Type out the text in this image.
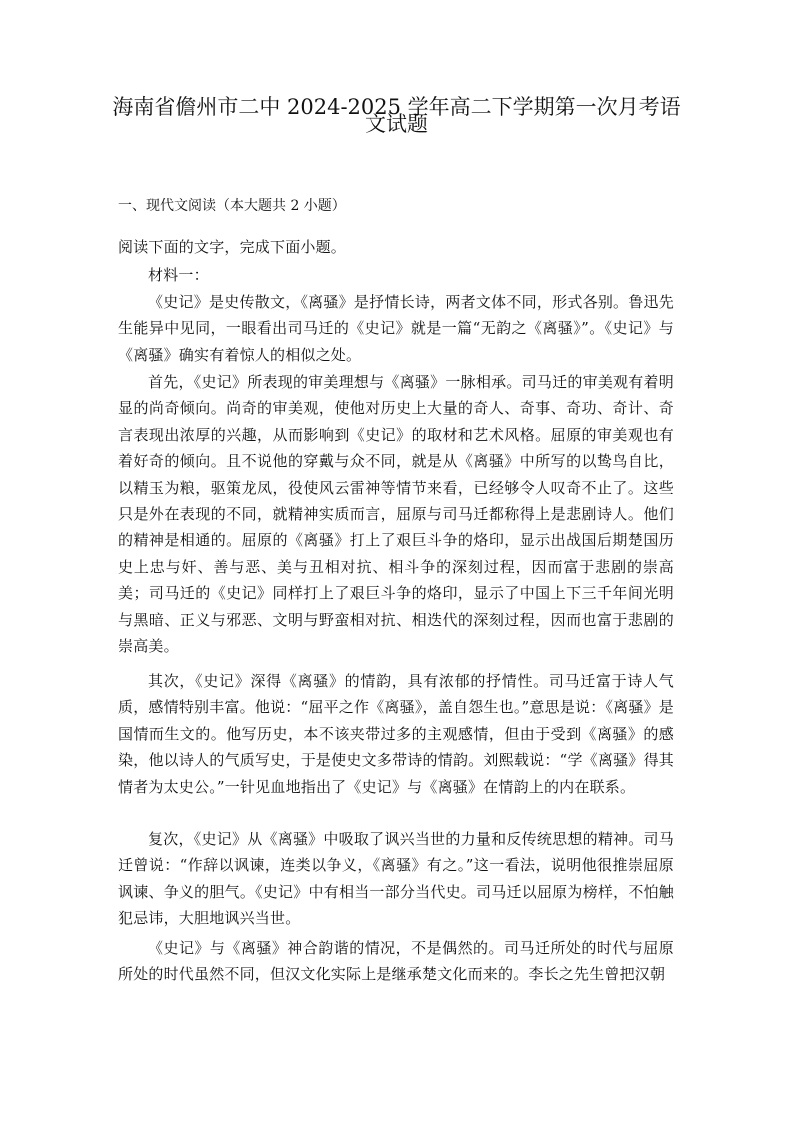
海南省儋州市二中 2024-2025 学年高二下学期第一次月考语
文试题
一、现代文阅读（本大题共 2 小题）
阅读下面的文字，完成下面小题。
材料一：
《史记》是史传散文，《离骚》是抒情长诗，两者文体不同，形式各别。鲁迅先生能异中见同，一眼看出司马迁的《史记》就是一篇“无韵之《离骚》”。《史记》与《离骚》确实有着惊人的相似之处。
首先，《史记》所表现的审美理想与《离骚》一脉相承。司马迁的审美观有着明显的尚奇倾向。尚奇的审美观，使他对历史上大量的奇人、奇事、奇功、奇计、奇言表现出浓厚的兴趣，从而影响到《史记》的取材和艺术风格。屈原的审美观也有着好奇的倾向。且不说他的穿戴与众不同，就是从《离骚》中所写的以鸷鸟自比，以精玉为粮，驱策龙凤，役使风云雷神等情节来看，已经够令人叹奇不止了。这些只是外在表现的不同，就精神实质而言，屈原与司马迁都称得上是悲剧诗人。他们的精神是相通的。屈原的《离骚》打上了艰巨斗争的烙印，显示出战国后期楚国历史上忠与奸、善与恶、美与丑相对抗、相斗争的深刻过程，因而富于悲剧的崇高美；司马迁的《史记》同样打上了艰巨斗争的烙印，显示了中国上下三千年间光明与黑暗、正义与邪恶、文明与野蛮相对抗、相迭代的深刻过程，因而也富于悲剧的崇高美。
其次，《史记》深得《离骚》的情韵，具有浓郁的抒情性。司马迁富于诗人气质，感情特别丰富。他说：“屈平之作《离骚》，盖自怨生也。”意思是说：《离骚》是国情而生文的。他写历史，本不该夹带过多的主观感情，但由于受到《离骚》的感染，他以诗人的气质写史，于是使史文多带诗的情韵。刘熙载说：“学《离骚》得其情者为太史公。”一针见血地指出了《史记》与《离骚》在情韵上的内在联系。
复次，《史记》从《离骚》中吸取了讽兴当世的力量和反传统思想的精神。司马迁曾说：“作辞以讽谏，连类以争义，《离骚》有之。”这一看法，说明他很推崇屈原讽谏、争义的胆气。《史记》中有相当一部分当代史。司马迁以屈原为榜样，不怕触犯忌讳，大胆地讽兴当世。
《史记》与《离骚》神合韵谐的情况，不是偶然的。司马迁所处的时代与屈原所处的时代虽然不同，但汉文化实际上是继承楚文化而来的。李长之先生曾把汉朝
